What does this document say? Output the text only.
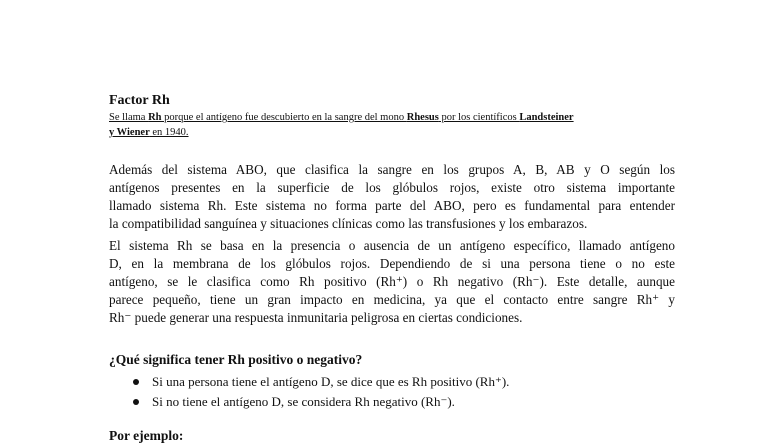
Factor Rh
Se llama Rh porque el antígeno fue descubierto en la sangre del mono Rhesus por los científicos Landsteiner
y Wiener en 1940.
Además del sistema ABO, que clasifica la sangre en los grupos A, B, AB y O según los
antígenos presentes en la superficie de los glóbulos rojos, existe otro sistema importante
llamado sistema Rh. Este sistema no forma parte del ABO, pero es fundamental para entender
la compatibilidad sanguínea y situaciones clínicas como las transfusiones y los embarazos.
El sistema Rh se basa en la presencia o ausencia de un antígeno específico, llamado antígeno
D, en la membrana de los glóbulos rojos. Dependiendo de si una persona tiene o no este
antígeno, se le clasifica como Rh positivo (Rh⁺) o Rh negativo (Rh⁻). Este detalle, aunque
parece pequeño, tiene un gran impacto en medicina, ya que el contacto entre sangre Rh⁺ y
Rh⁻ puede generar una respuesta inmunitaria peligrosa en ciertas condiciones.
¿Qué significa tener Rh positivo o negativo?
Si una persona tiene el antígeno D, se dice que es Rh positivo (Rh⁺).
Si no tiene el antígeno D, se considera Rh negativo (Rh⁻).
Por ejemplo:
